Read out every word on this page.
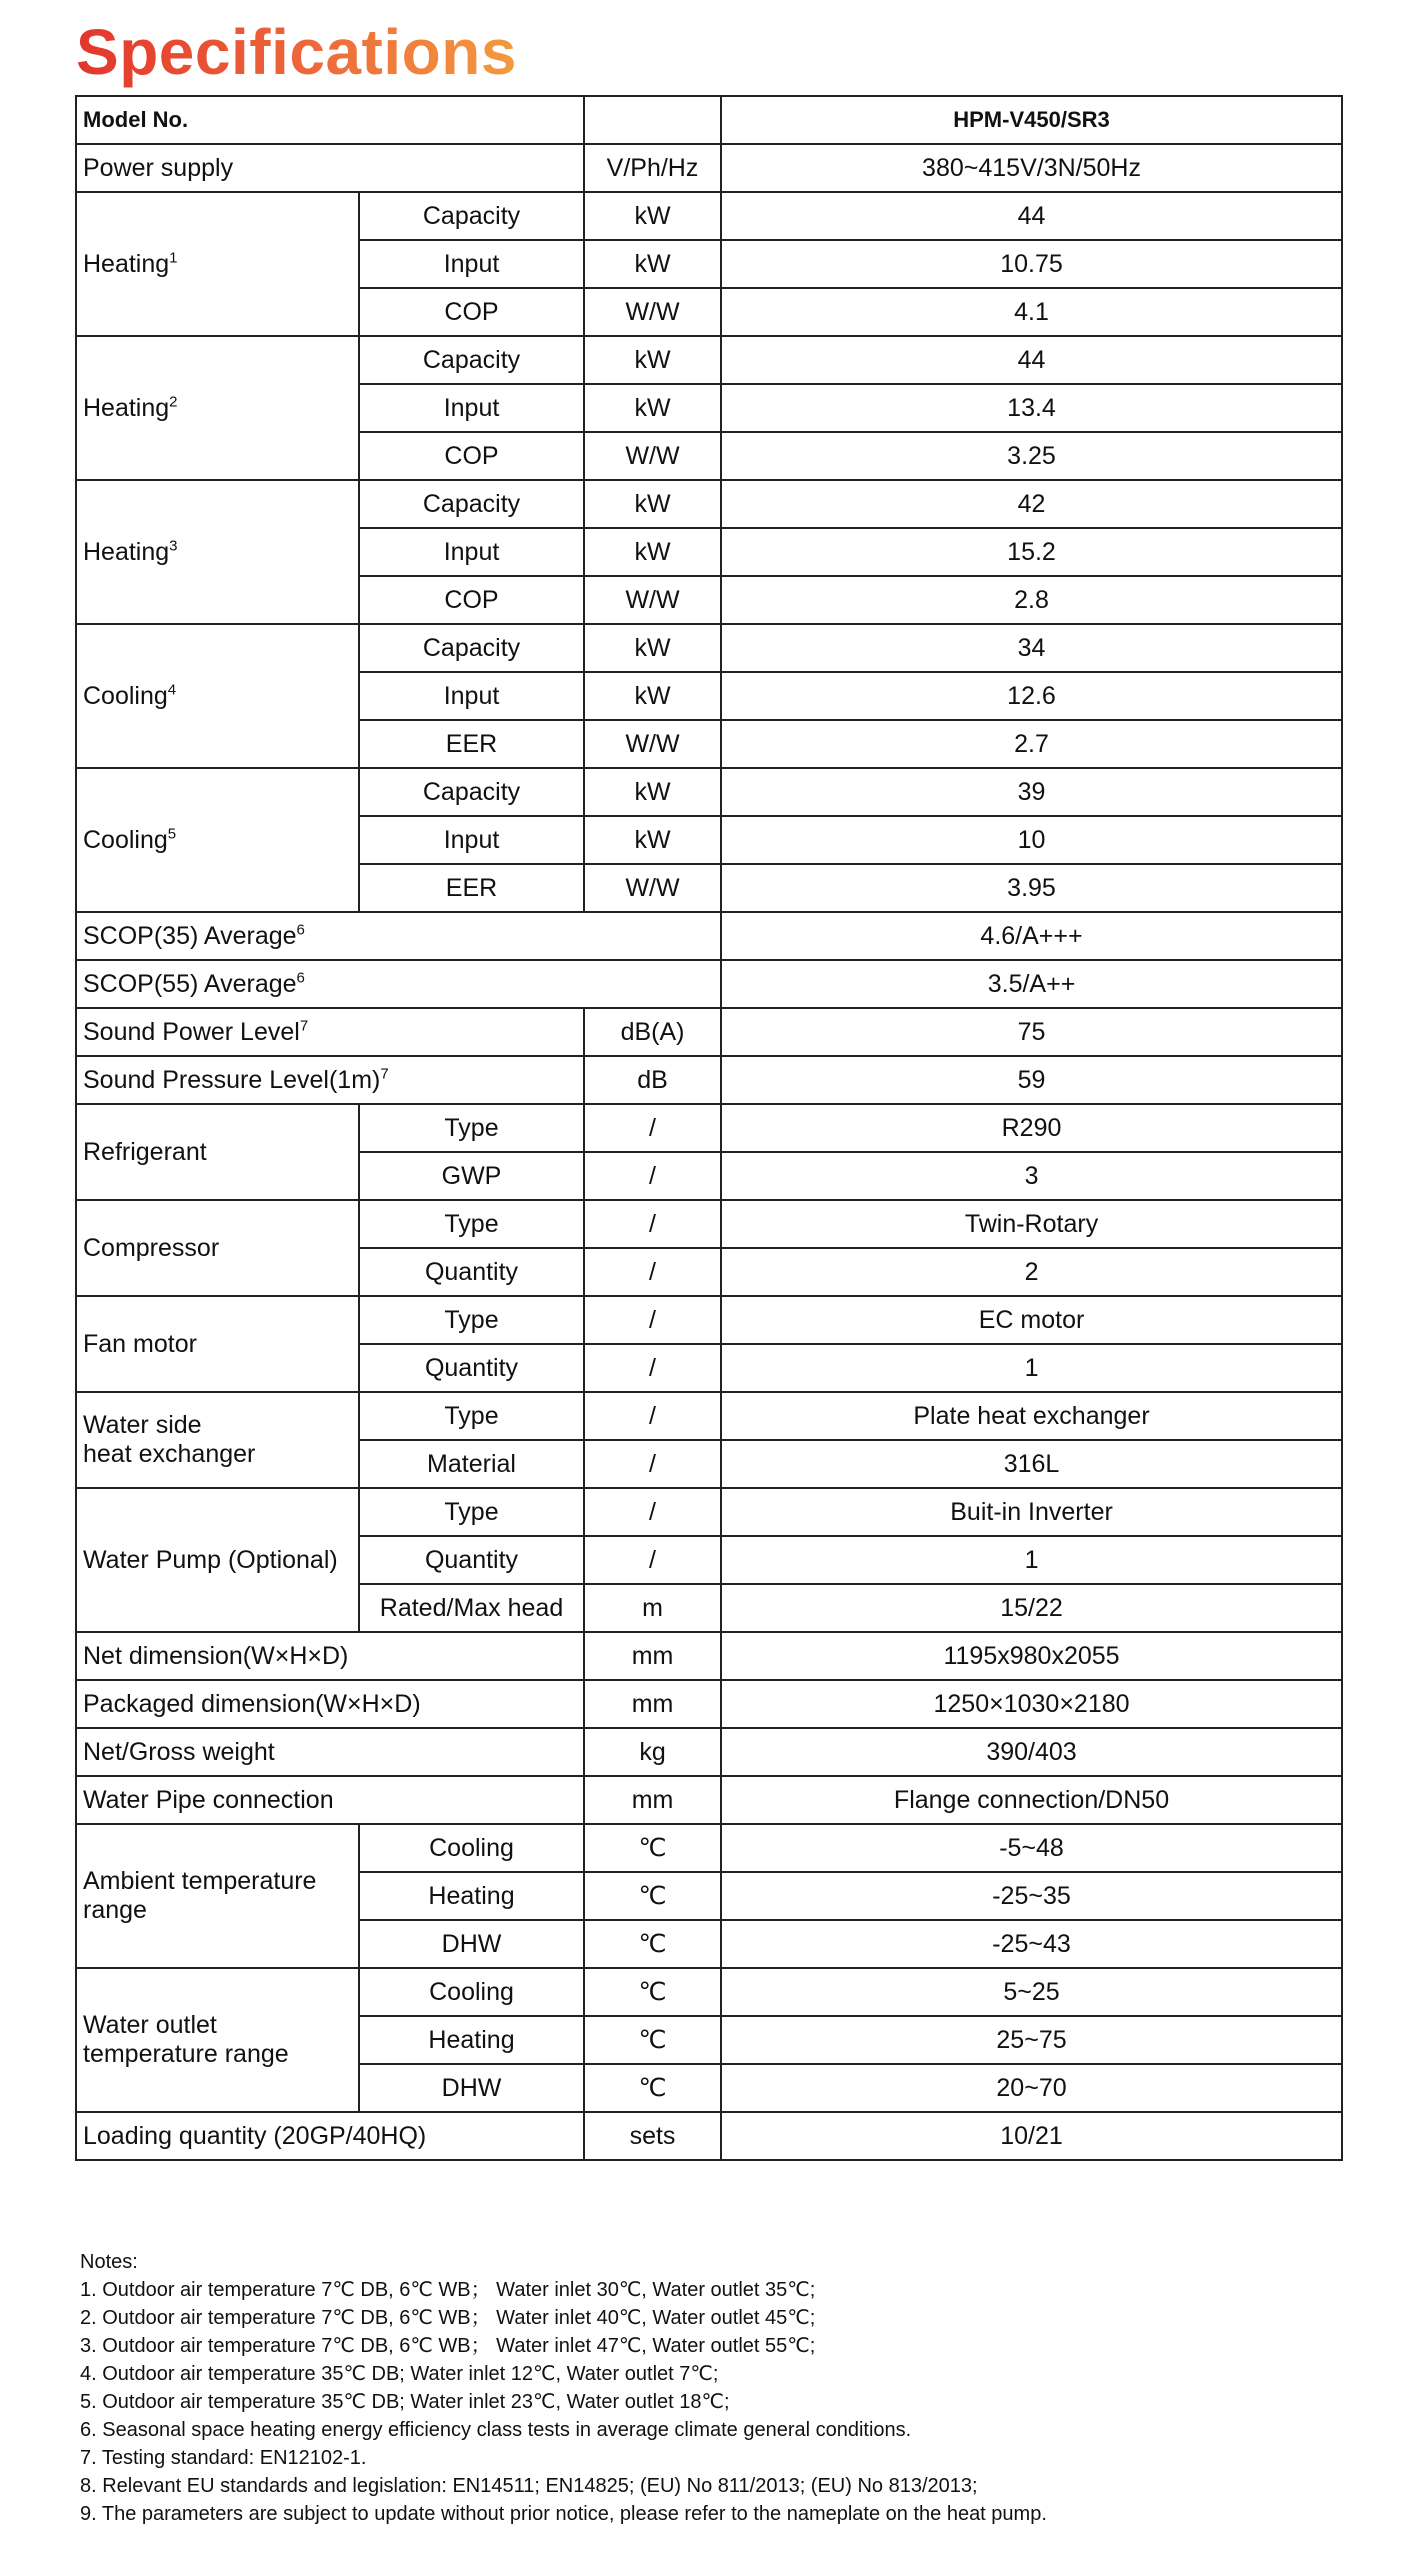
Specifications
Model No.			HPM-V450/SR3
Power supply		V/Ph/Hz	380~415V/3N/50Hz
Heating$^1$	Capacity	kW	44
	Input	kW	10.75
	COP	W/W	4.1
Heating$^2$	Capacity	kW	44
	Input	kW	13.4
	COP	W/W	3.25
Heating$^3$	Capacity	kW	42
	Input	kW	15.2
	COP	W/W	2.8
Cooling$^4$	Capacity	kW	34
	Input	kW	12.6
	EER	W/W	2.7
Cooling$^5$	Capacity	kW	39
	Input	kW	10
	EER	W/W	3.95
SCOP(35) Average$^6$			4.6/A+++
SCOP(55) Average$^6$			3.5/A++
Sound Power Level$^7$		dB(A)	75
Sound Pressure $Level(1m)^7$		dB	59
Refrigerant	Type	/	R290
	GWP	/	3
Compressor	Type	/	Twin-Rotary
	Quantity	/	2
Fan motor	Type	/	EC motor
	Quantity	/	1
Water side
heat exchanger	Type	/	Plate heat exchanger
	Material	/	316L
Water Pump (Optional)	Type	/	Buit-in Inverter
	Quantity	/	1
	Rated/Max head	m	15/22
Net dimension(W×H×D)		mm	1195x980x2055
Packaged dimension(W×H×D)		mm	1250×1030×2180
Net/Gross weight		kg	390/403
Water Pipe connection		mm	Flange connection/DN50
Ambient temperature
range	Cooling	℃	-5~48
	Heating	℃	-25~35
	DHW	℃	-25~43
Water outlet
temperature range	Cooling	℃	5~25
	Heating	℃	25~75
	DHW	℃	20~70
Loading quantity (20GP/40HQ)		sets	10/21
Notes:
1. Outdoor air temperature 7℃ DB, 6℃ WB； Water inlet 30℃, Water outlet 35℃;
2. Outdoor air temperature 7℃ DB, 6℃ WB； Water inlet 40℃, Water outlet 45℃;
3. Outdoor air temperature 7℃ DB, 6℃ WB； Water inlet 47℃, Water outlet 55℃;
4. Outdoor air temperature 35℃ DB; Water inlet 12℃, Water outlet 7℃;
5. Outdoor air temperature 35℃ DB; Water inlet 23℃, Water outlet 18℃;
6. Seasonal space heating energy efficiency class tests in average climate general conditions.
7. Testing standard: EN12102-1.
8. Relevant EU standards and legislation: EN14511; EN14825; (EU) No 811/2013; (EU) No 813/2013;
9. The parameters are subject to update without prior notice, please refer to the nameplate on the heat pump.
